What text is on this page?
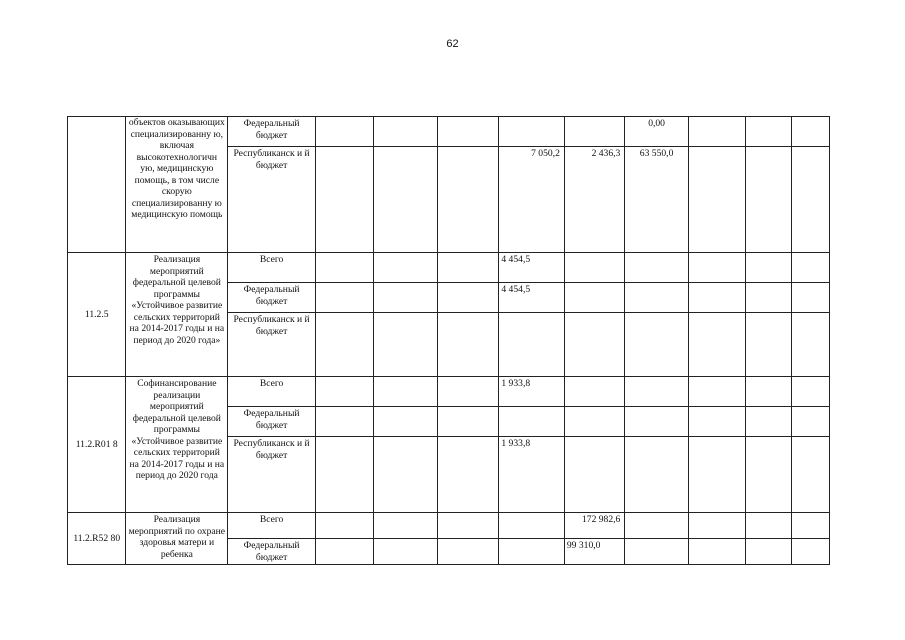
62
	объектов оказывающих специализированну ю, включая высокотехнологичн ую, медицинскую помощь, в том числе скорую специализированну ю медицинскую помощь	Федеральный бюджет						0,00			
		Республиканск и й бюджет				7 050,2	2 436,3	63 550,0			
11.2.5	Реализация мероприятий федеральной целевой программы «Устойчивое развитие сельских территорий на 2014-2017 годы и на период до 2020 года»	Всего				4 454,5					
		Федеральный бюджет				4 454,5					
		Республиканск и й бюджет									
11.2.R01 8	Софинансирование реализации мероприятий федеральной целевой программы «Устойчивое развитие сельских территорий на 2014-2017 годы и на период до 2020 года	Всего				1 933,8					
		Федеральный бюджет									
		Республиканск и й бюджет				1 933,8					
11.2.R52 80	Реализация мероприятий по охране здоровья матери и ребенка	Всего					172 982,6				
		Федеральный бюджет					99 310,0				
